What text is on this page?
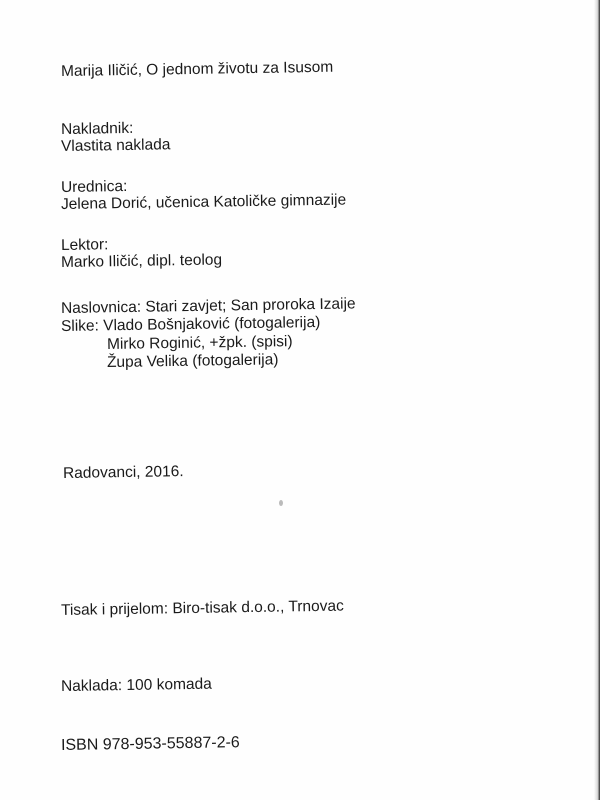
Marija Iličić, O jednom životu za Isusom
Nakladnik:
Vlastita naklada
Urednica:
Jelena Dorić, učenica Katoličke gimnazije
Lektor:
Marko Iličić, dipl. teolog
Naslovnica: Stari zavjet; San proroka Izaije
Slike: Vlado Bošnjaković (fotogalerija)
Mirko Roginić, +žpk. (spisi)
Župa Velika (fotogalerija)
Radovanci, 2016.
Tisak i prijelom: Biro-tisak d.o.o., Trnovac
Naklada: 100 komada
ISBN 978-953-55887-2-6
